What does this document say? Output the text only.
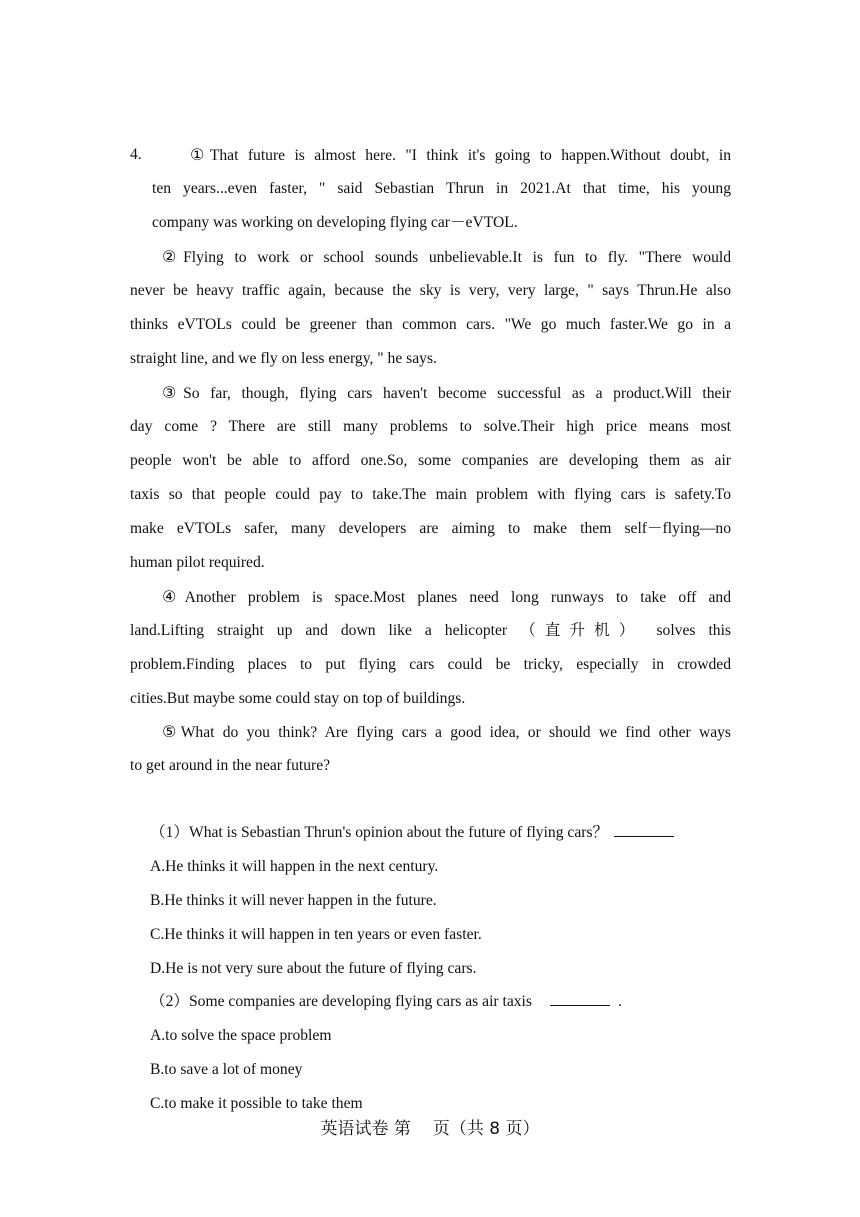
4.	①That future is almost here. "I think it's going to happen.Without doubt, in
ten years...even faster, " said Sebastian Thrun in 2021.At that time, his young
company was working on developing flying car－eVTOL.
②Flying to work or school sounds unbelievable.It is fun to fly. "There would
never be heavy traffic again, because the sky is very, very large, " says Thrun.He also
thinks eVTOLs could be greener than common cars. "We go much faster.We go in a
straight line, and we fly on less energy, " he says.
③So far, though, flying cars haven't become successful as a product.Will their
day come ? There are still many problems to solve.Their high price means most
people won't be able to afford one.So, some companies are developing them as air
taxis so that people could pay to take.The main problem with flying cars is safety.To
make eVTOLs safer, many developers are aiming to make them self－flying—no
human pilot required.
④Another problem is space.Most planes need long runways to take off and
land.Lifting straight up and down like a helicopter （直升机） solves this
problem.Finding places to put flying cars could be tricky, especially in crowded
cities.But maybe some could stay on top of buildings.
⑤What do you think? Are flying cars a good idea, or should we find other ways
to get around in the near future?
（1）What is Sebastian Thrun's opinion about the future of flying cars？
A.He thinks it will happen in the next century.
B.He thinks it will never happen in the future.
C.He thinks it will happen in ten years or even faster.
D.He is not very sure about the future of flying cars.
（2）Some companies are developing flying cars as air taxis	.
A.to solve the space problem
B.to save a lot of money
C.to make it possible to take them
英语试卷 第 页（共 8 页）
